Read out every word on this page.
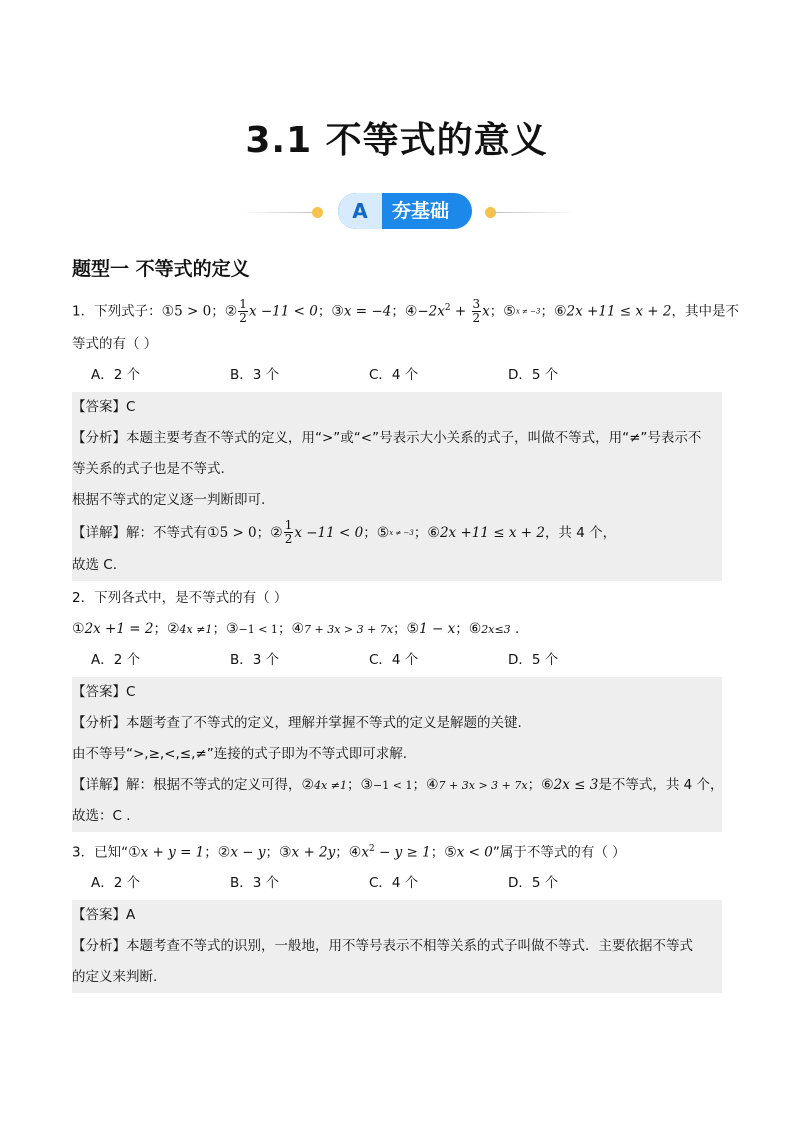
3.1 不等式的意义
A	夯基础
题型一 不等式的定义
1．下列式子：①5 > 0；② $\frac{1}{2}$ x −11 < 0；③x = −4；$④-2x^2 + \frac{3}{2}$ x；⑤x ≠ −3；⑥2x +11 ≤ x + 2，其中是不
等式的有（ ）
A．2 个	B．3 个	C．4 个	D．5 个
【答案】C
【分析】本题主要考查不等式的定义，用“>”或“<”号表示大小关系的式子，叫做不等式，用“≠”号表示不
等关系的式子也是不等式.
根据不等式的定义逐一判断即可.
【详解】解：不等式有①5 > 0；② $\frac{1}{2}$ x −11 < 0；⑤x ≠ −3；⑥2x +11 ≤ x + 2，共 4 个，
故选 C.
2．下列各式中，是不等式的有（ ）
①2x +1 = 2；②4x ≠1；③−1 < 1；④7 + 3x > 3 + 7x；⑤1 − x；⑥2x≤3 .
A．2 个	B．3 个	C．4 个	D．5 个
【答案】C
【分析】本题考查了不等式的定义，理解并掌握不等式的定义是解题的关键.
由不等号“>,≥,<,≤,≠”连接的式子即为不等式即可求解.
【详解】解：根据不等式的定义可得，②4x ≠1；③−1 < 1；④7 + 3x > 3 + 7x；⑥2x ≤ 3是不等式，共 4 个，
故选：C .
3．已知“①x + y = 1；②x − y；③x + 2y；$④x^2 - y \ge 1$；⑤x < 0”属于不等式的有（ ）
A．2 个	B．3 个	C．4 个	D．5 个
【答案】A
【分析】本题考查不等式的识别，一般地，用不等号表示不相等关系的式子叫做不等式．主要依据不等式
的定义来判断.
